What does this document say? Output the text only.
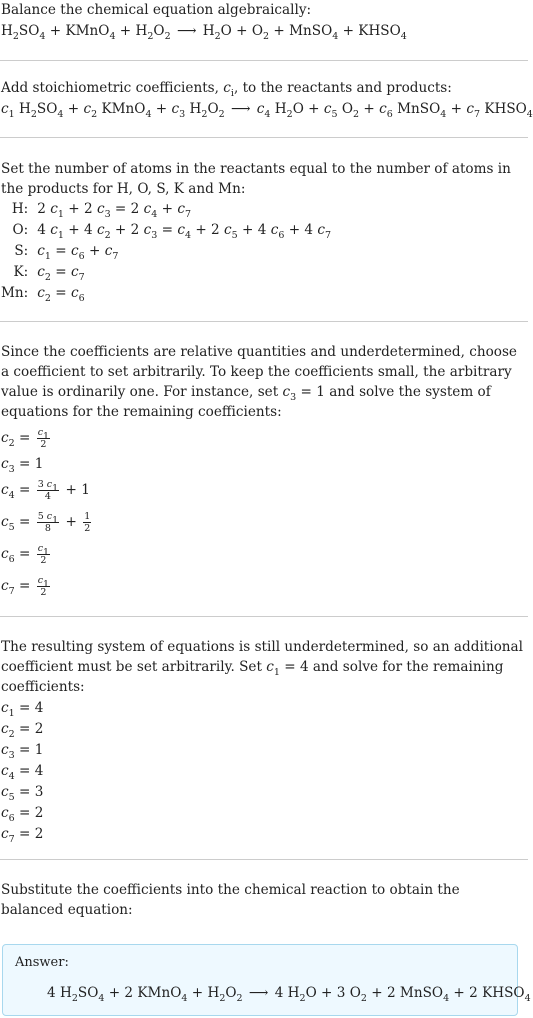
Balance the chemical equation algebraically:

$H_2SO_4$ + KMnO$_4$ + $H_2O_2$ ⟶ $H_2O + O_2$ + MnSO$_4$ + $KHSO_4$

Add stoichiometric coefficients, $c_i$, to the reactants and products:

$c_1$ $H_2SO_4 + c_2$ KMnO$_4$ + $c_3$ $H_2O_2$ ⟶ $c_4$ $H_2O + c_5$ $O_2 + c_6$ MnSO$_4$ + $c_7$ $KHSO_4$

Set the number of atoms in the reactants equal to the number of atoms in the products for H, O, S, K and Mn:

H:	2 $c_1 + 2$ $c_3 = 2$ $c_4 + c_7$
O:	4 $c_1 + 4$ $c_2 + 2$ $c_3 = c_4 + 2$ $c_5 + 4$ $c_6 + 4$ $c_7$
S:	$c_1 = c_6 + c_7$
K:	$c_2 = c_7$
Mn:	$c_2 = c_6$

Since the coefficients are relative quantities and underdetermined, choose a coefficient to set arbitrarily. To keep the coefficients small, the arbitrary value is ordinarily one. For instance, set $c_3 = 1$ and solve the system of equations for the remaining coefficients:

$c_2 = \frac{c1}{2}$
$c_3 = 1$
$c_4 = \frac{3 c1}{4} + 1$
$c_5 = \frac{5 c1}{8} + \frac{1}{2}$
$c_6 = \frac{c1}{2}$
$c_7 = \frac{c1}{2}$

The resulting system of equations is still underdetermined, so an additional coefficient must be set arbitrarily. Set $c_1 = 4$ and solve for the remaining coefficients:

$c_1 = 4$
$c_2 = 2$
$c_3 = 1$
$c_4 = 4$
$c_5 = 3$
$c_6 = 2$
$c_7 = 2$

Substitute the coefficients into the chemical reaction to obtain the balanced equation:

Answer:
4 $H_2SO_4 + 2$ KMnO$_4$ + $H_2O_2$ ⟶ 4 $H_2O + 3$ $O_2 + 2$ MnSO$_4$ + 2 $KHSO_4$
